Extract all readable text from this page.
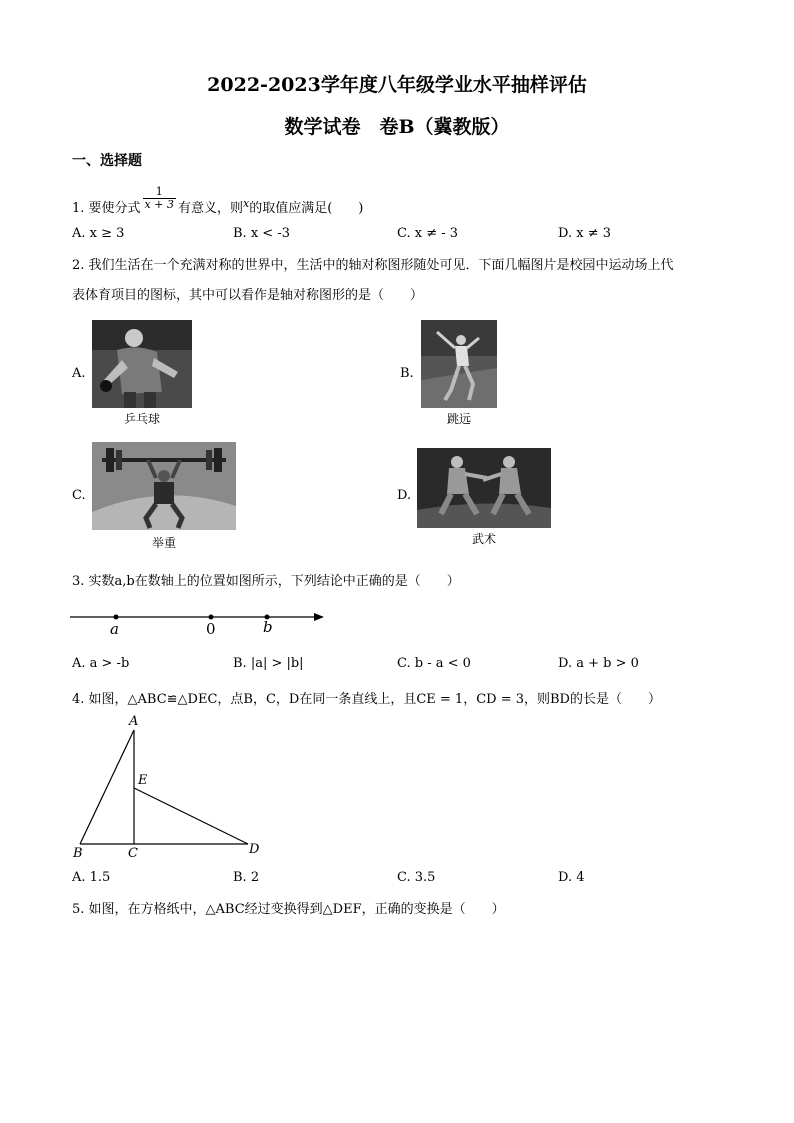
2022-2023学年度八年级学业水平抽样评估
数学试卷　卷B（冀教版）
一、选择题
1. 要使分式 $\frac{1}{x + 3}$ 有意义，则$^x$的取值应满足(　　)
A. x ≥ 3	B. x < -3	C. x ≠ - 3	D. x ≠ 3
2. 我们生活在一个充满对称的世界中，生活中的轴对称图形随处可见．下面几幅图片是校园中运动场上代
表体育项目的图标，其中可以看作是轴对称图形的是（　　）
A.
乒乓球
B.
跳远
C.
举重
D.
武术
3. 实数a,b在数轴上的位置如图所示，下列结论中正确的是（　　）
a	0	b
A. a > -b	B. |a| > |b|	C. b - a < 0	D. a + b > 0
4. 如图，△ABC≌△DEC，点B，C，D在同一条直线上，且CE = 1，CD = 3，则BD的长是（　　）
A
E
B	C	D
A. 1.5	B. 2	C. 3.5	D. 4
5. 如图，在方格纸中，△ABC经过变换得到△DEF，正确的变换是（　　）
